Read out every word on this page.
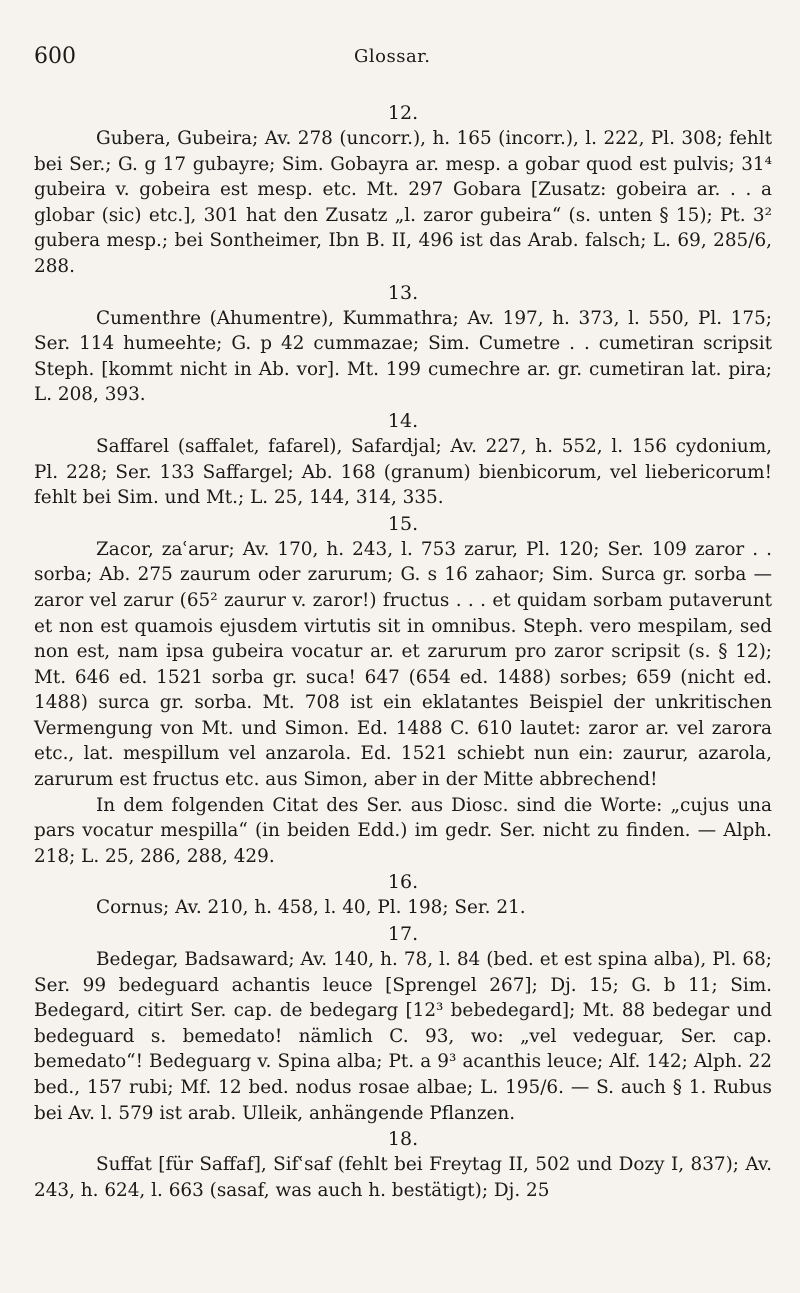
600	Glossar.
12.

Gubera, Gubeira; Av. 278 (uncorr.), h. 165 (incorr.), l. 222, Pl. 308; fehlt bei Ser.; G. g 17 gubayre; Sim. Gobayra ar. mesp. a gobar quod est pulvis; 31⁴ gubeira v. gobeira est mesp. etc. Mt. 297 Gobara [Zusatz: gobeira ar. . . a globar (sic) etc.], 301 hat den Zusatz „l. zaror gubeira“ (s. unten § 15); Pt. 3² gubera mesp.; bei Sontheimer, Ibn B. II, 496 ist das Arab. falsch; L. 69, 285/6, 288.

13.

Cumenthre (Ahumentre), Kummathra; Av. 197, h. 373, l. 550, Pl. 175; Ser. 114 humeehte; G. p 42 cummazae; Sim. Cumetre . . cumetiran scripsit Steph. [kommt nicht in Ab. vor]. Mt. 199 cumechre ar. gr. cumetiran lat. pira; L. 208, 393.

14.

Saffarel (saffalet, fafarel), Safardjal; Av. 227, h. 552, l. 156 cydonium, Pl. 228; Ser. 133 Saffargel; Ab. 168 (granum) bienbicorum, vel liebericorum! fehlt bei Sim. und Mt.; L. 25, 144, 314, 335.

15.

Zacor, zaʿarur; Av. 170, h. 243, l. 753 zarur, Pl. 120; Ser. 109 zaror . . sorba; Ab. 275 zaurum oder zarurum; G. s 16 zahaor; Sim. Surca gr. sorba — zaror vel zarur (65² zaurur v. zaror!) fructus . . . et quidam sorbam putaverunt et non est quamois ejusdem virtutis sit in omnibus. Steph. vero mespilam, sed non est, nam ipsa gubeira vocatur ar. et zarurum pro zaror scripsit (s. § 12); Mt. 646 ed. 1521 sorba gr. suca! 647 (654 ed. 1488) sorbes; 659 (nicht ed. 1488) surca gr. sorba. Mt. 708 ist ein eklatantes Beispiel der unkritischen Vermengung von Mt. und Simon. Ed. 1488 C. 610 lautet: zaror ar. vel zarora etc., lat. mespillum vel anzarola. Ed. 1521 schiebt nun ein: zaurur, azarola, zarurum est fructus etc. aus Simon, aber in der Mitte abbrechend!

In dem folgenden Citat des Ser. aus Diosc. sind die Worte: „cujus una pars vocatur mespilla“ (in beiden Edd.) im gedr. Ser. nicht zu finden. — Alph. 218; L. 25, 286, 288, 429.

16.

Cornus; Av. 210, h. 458, l. 40, Pl. 198; Ser. 21.

17.

Bedegar, Badsaward; Av. 140, h. 78, l. 84 (bed. et est spina alba), Pl. 68; Ser. 99 bedeguard achantis leuce [Sprengel 267]; Dj. 15; G. b 11; Sim. Bedegard, citirt Ser. cap. de bedegarg [12³ bebedegard]; Mt. 88 bedegar und bedeguard s. bemedato! nämlich C. 93, wo: „vel vedeguar, Ser. cap. bemedato“! Bedeguarg v. Spina alba; Pt. a 9³ acanthis leuce; Alf. 142; Alph. 22 bed., 157 rubi; Mf. 12 bed. nodus rosae albae; L. 195/6. — S. auch § 1. Rubus bei Av. l. 579 ist arab. Ulleik, anhängende Pflanzen.

18.

Suffat [für Saffaf], Sifʿsaf (fehlt bei Freytag II, 502 und Dozy I, 837); Av. 243, h. 624, l. 663 (sasaf, was auch h. bestätigt); Dj. 25
